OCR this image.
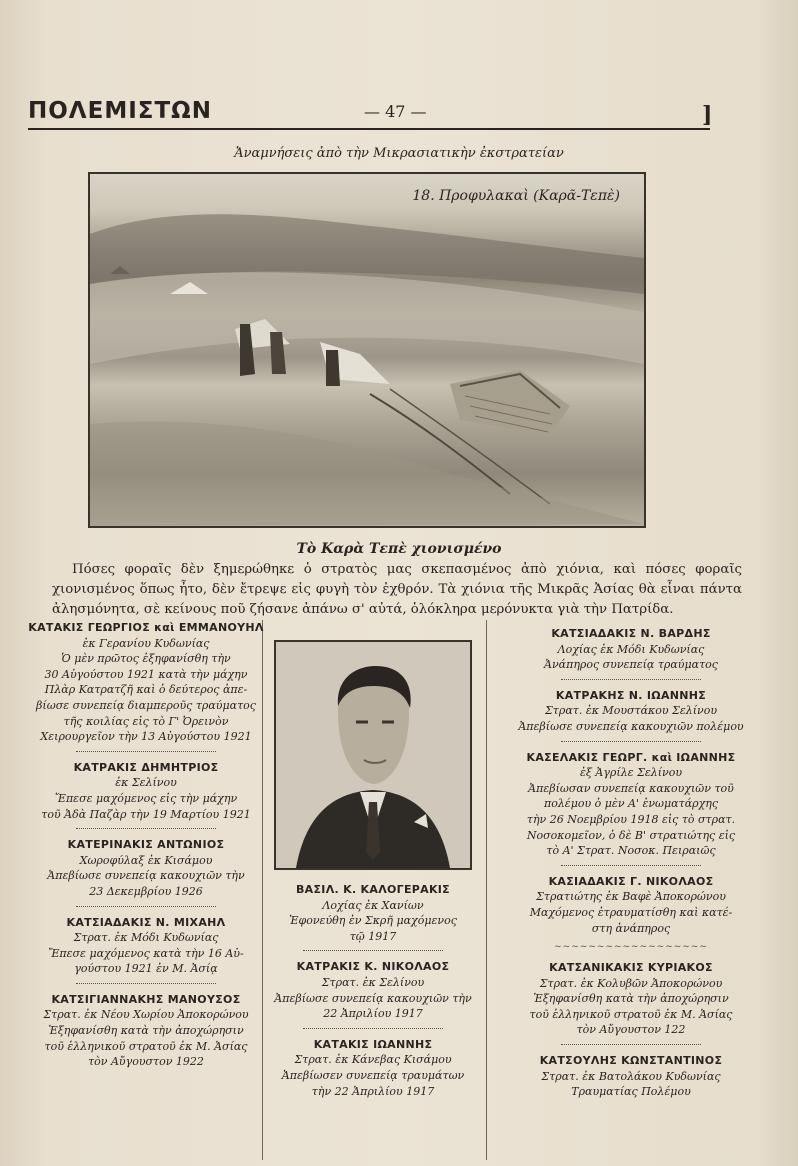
ΠΟΛΕΜΙΣΤΩΝ	— 47 —	]
Ἀναμνήσεις ἀπὸ τὴν Μικρασιατικὴν ἐκστρατείαν
18. Προφυλακαὶ (Καρᾶ-Τεπὲ)
Τὸ Καρὰ Τεπὲ χιονισμένο
Πόσες φοραῖς δὲν ξημερώθηκε ὁ στρατὸς μας σκεπασμένος ἀπὸ χιόνια, καὶ πόσες φοραῖς χιονισμένος ὅπως ἦτο, δὲν ἔτρεψε εἰς φυγὴ τὸν ἐχθρόν. Τὰ χιόνια τῆς Μικρᾶς Ἀσίας θὰ εἶναι πάντα ἀλησμόνητα, σὲ κείνους ποῦ ζήσανε ἀπάνω σ' αὐτά, ὁλόκληρα μερόνυκτα γιὰ τὴν Πατρίδα.
ΚΑΤΑΚΙΣ ΓΕΩΡΓΙΟΣ καὶ ΕΜΜΑΝΟΥΗΛ
ἐκ Γερανίου Κυδωνίας
Ὁ μὲν πρῶτος ἐξηφανίσθη τὴν
30 Αὐγούστου 1921 κατὰ τὴν μάχην
Πλὰρ Κατρατζῆ καὶ ὁ δεύτερος ἀπε-
βίωσε συνεπείᾳ διαμπεροῦς τραύματος
τῆς κοιλίας εἰς τὸ Γ' Ὀρεινὸν
Χειρουργεῖον τὴν 13 Αὐγούστου 1921
ΚΑΤΡΑΚΙΣ ΔΗΜΗΤΡΙΟΣ
ἐκ Σελίνου
Ἔπεσε μαχόμενος εἰς τὴν μάχην
τοῦ Ἀδὰ Παζὰρ τὴν 19 Μαρτίου 1921
ΚΑΤΕΡΙΝΑΚΙΣ ΑΝΤΩΝΙΟΣ
Χωροφύλαξ ἐκ Κισάμου
Ἀπεβίωσε συνεπείᾳ κακουχιῶν τὴν
23 Δεκεμβρίου 1926
ΚΑΤΣΙΑΔΑΚΙΣ Ν. ΜΙΧΑΗΛ
Στρατ. ἐκ Μόδι Κυδωνίας
Ἔπεσε μαχόμενος κατὰ τὴν 16 Αὐ-
γούστου 1921 ἐν Μ. Ἀσίᾳ
ΚΑΤΣΙΓΙΑΝΝΑΚΗΣ ΜΑΝΟΥΣΟΣ
Στρατ. ἐκ Νέου Χωρίου Ἀποκορώνου
Ἐξηφανίσθη κατὰ τὴν ἀποχώρησιν
τοῦ ἑλληνικοῦ στρατοῦ ἐκ Μ. Ἀσίας
τὸν Αὔγουστον 1922
ΒΑΣΙΛ. Κ. ΚΑΛΟΓΕΡΑΚΙΣ
Λοχίας ἐκ Χανίων
Ἐφονεύθη ἐν Σκρῆ μαχόμενος
τῷ 1917
ΚΑΤΡΑΚΙΣ Κ. ΝΙΚΟΛΑΟΣ
Στρατ. ἐκ Σελίνου
Ἀπεβίωσε συνεπείᾳ κακουχιῶν τὴν
22 Ἀπριλίου 1917
ΚΑΤΑΚΙΣ ΙΩΑΝΝΗΣ
Στρατ. ἐκ Κάνεβας Κισάμου
Ἀπεβίωσεν συνεπείᾳ τραυμάτων
τὴν 22 Ἀπριλίου 1917
ΚΑΤΣΙΑΔΑΚΙΣ Ν. ΒΑΡΔΗΣ
Λοχίας ἐκ Μόδι Κυδωνίας
Ἀνάπηρος συνεπείᾳ τραύματος
ΚΑΤΡΑΚΗΣ Ν. ΙΩΑΝΝΗΣ
Στρατ. ἐκ Μουστάκου Σελίνου
Ἀπεβίωσε συνεπείᾳ κακουχιῶν πολέμου
ΚΑΣΕΛΑΚΙΣ ΓΕΩΡΓ. καὶ ΙΩΑΝΝΗΣ
ἐξ Ἀγρίλε Σελίνου
Ἀπεβίωσαν συνεπείᾳ κακουχιῶν τοῦ
πολέμου ὁ μὲν Α' ἐνωματάρχης
τὴν 26 Νοεμβρίου 1918 εἰς τὸ στρατ.
Νοσοκομεῖον, ὁ δὲ Β' στρατιώτης εἰς
τὸ Α' Στρατ. Νοσοκ. Πειραιῶς
ΚΑΣΙΑΔΑΚΙΣ Γ. ΝΙΚΟΛΑΟΣ
Στρατιώτης ἐκ Βαφὲ Ἀποκορώνου
Μαχόμενος ἐτραυματίσθη καὶ κατέ-
στη ἀνάπηρος
~~~~~~~~~~~~~~~~~~
ΚΑΤΣΑΝΙΚΑΚΙΣ ΚΥΡΙΑΚΟΣ
Στρατ. ἐκ Κολυβῶν Ἀποκορώνου
Ἐξηφανίσθη κατὰ τὴν ἀποχώρησιν
τοῦ ἑλληνικοῦ στρατοῦ ἐκ Μ. Ἀσίας
τὸν Αὔγουστον 122
ΚΑΤΣΟΥΛΗΣ ΚΩΝΣΤΑΝΤΙΝΟΣ
Στρατ. ἐκ Βατολάκου Κυδωνίας
Τραυματίας Πολέμου
